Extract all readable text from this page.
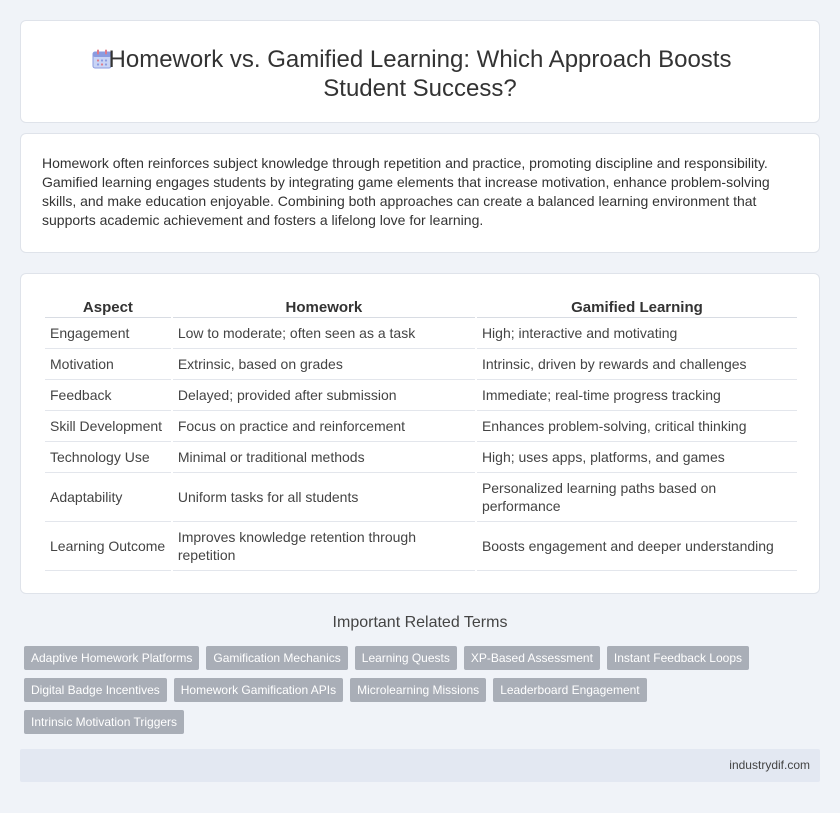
Homework vs. Gamified Learning: Which Approach Boosts
Student Success?

Homework often reinforces subject knowledge through repetition and practice, promoting discipline and responsibility. Gamified learning engages students by integrating game elements that increase motivation, enhance problem-solving skills, and make education enjoyable. Combining both approaches can create a balanced learning environment that supports academic achievement and fosters a lifelong love for learning.

Aspect	Homework	Gamified Learning
Engagement	Low to moderate; often seen as a task	High; interactive and motivating
Motivation	Extrinsic, based on grades	Intrinsic, driven by rewards and challenges
Feedback	Delayed; provided after submission	Immediate; real-time progress tracking
Skill Development	Focus on practice and reinforcement	Enhances problem-solving, critical thinking
Technology Use	Minimal or traditional methods	High; uses apps, platforms, and games
Adaptability	Uniform tasks for all students	Personalized learning paths based on performance
Learning Outcome	Improves knowledge retention through repetition	Boosts engagement and deeper understanding
Important Related Terms
Adaptive Homework Platforms	Gamification Mechanics	Learning Quests	XP-Based Assessment	Instant Feedback Loops
Digital Badge Incentives	Homework Gamification APIs	Microlearning Missions	Leaderboard Engagement
Intrinsic Motivation Triggers
industrydif.com
